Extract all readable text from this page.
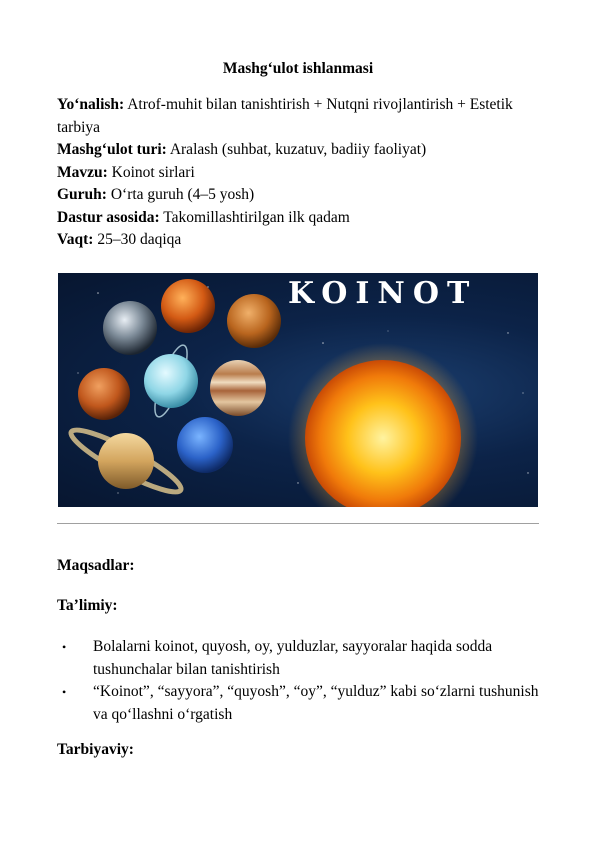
Mashg‘ulot ishlanmasi

Yo‘nalish: Atrof-muhit bilan tanishtirish + Nutqni rivojlantirish + Estetik tarbiya

Mashg‘ulot turi: Aralash (suhbat, kuzatuv, badiiy faoliyat)

Mavzu: Koinot sirlari

Guruh: O‘rta guruh (4–5 yosh)

Dastur asosida: Takomillashtirilgan ilk qadam

Vaqt: 25–30 daqiqa

KOINOT
Maqsadlar:
Ta’limiy:
• Bolalarni koinot, quyosh, oy, yulduzlar, sayyoralar haqida sodda tushunchalar bilan tanishtirish
• “Koinot”, “sayyora”, “quyosh”, “oy”, “yulduz” kabi so‘zlarni tushunish va qo‘llashni o‘rgatish
Tarbiyaviy:
